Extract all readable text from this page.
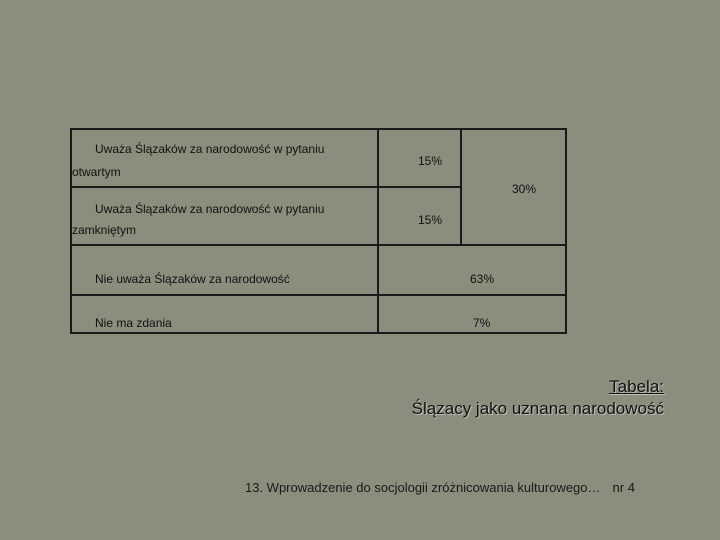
Uważa Ślązaków za narodowość w pytaniu
otwartym
15%
30%
Uważa Ślązaków za narodowość w pytaniu
zamkniętym
15%
Nie uważa Ślązaków za narodowość	63%
Nie ma zdania	7%
Tabela:
Ślązacy jako uznana narodowość
13. Wprowadzenie do socjologii zróżnicowania kulturowego… nr 4
